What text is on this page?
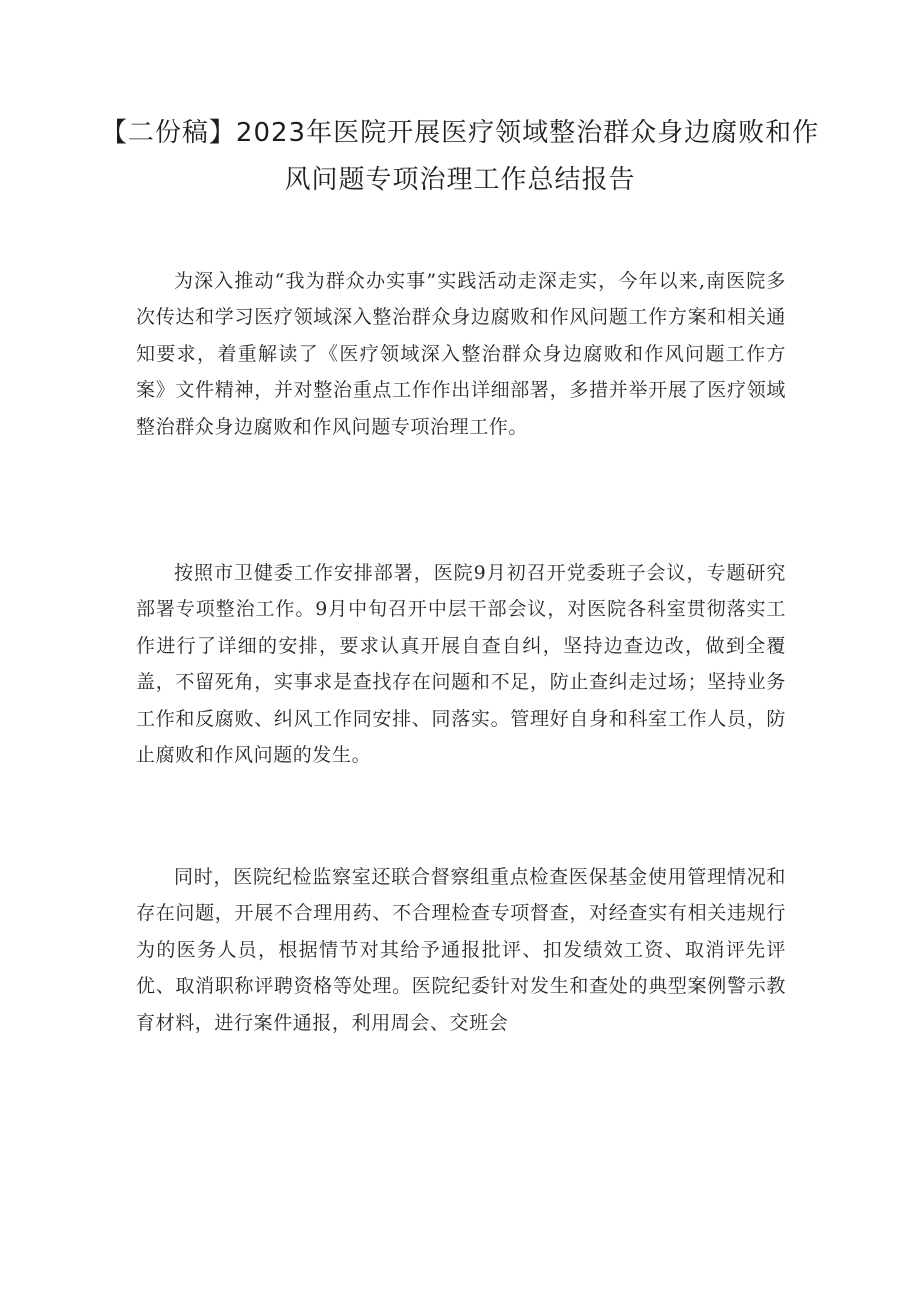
【二份稿】2023年医院开展医疗领域整治群众身边腐败和作风问题专项治理工作总结报告

为深入推动“我为群众办实事”实践活动走深走实，今年以来,南医院多次传达和学习医疗领域深入整治群众身边腐败和作风问题工作方案和相关通知要求，着重解读了《医疗领域深入整治群众身边腐败和作风问题工作方案》文件精神，并对整治重点工作作出详细部署，多措并举开展了医疗领域整治群众身边腐败和作风问题专项治理工作。

按照市卫健委工作安排部署，医院9月初召开党委班子会议，专题研究部署专项整治工作。9月中旬召开中层干部会议，对医院各科室贯彻落实工作进行了详细的安排，要求认真开展自查自纠，坚持边查边改，做到全覆盖，不留死角，实事求是查找存在问题和不足，防止查纠走过场；坚持业务工作和反腐败、纠风工作同安排、同落实。管理好自身和科室工作人员，防止腐败和作风问题的发生。

同时，医院纪检监察室还联合督察组重点检查医保基金使用管理情况和存在问题，开展不合理用药、不合理检查专项督查，对经查实有相关违规行为的医务人员，根据情节对其给予通报批评、扣发绩效工资、取消评先评优、取消职称评聘资格等处理。医院纪委针对发生和查处的典型案例警示教育材料，进行案件通报，利用周会、交班会
